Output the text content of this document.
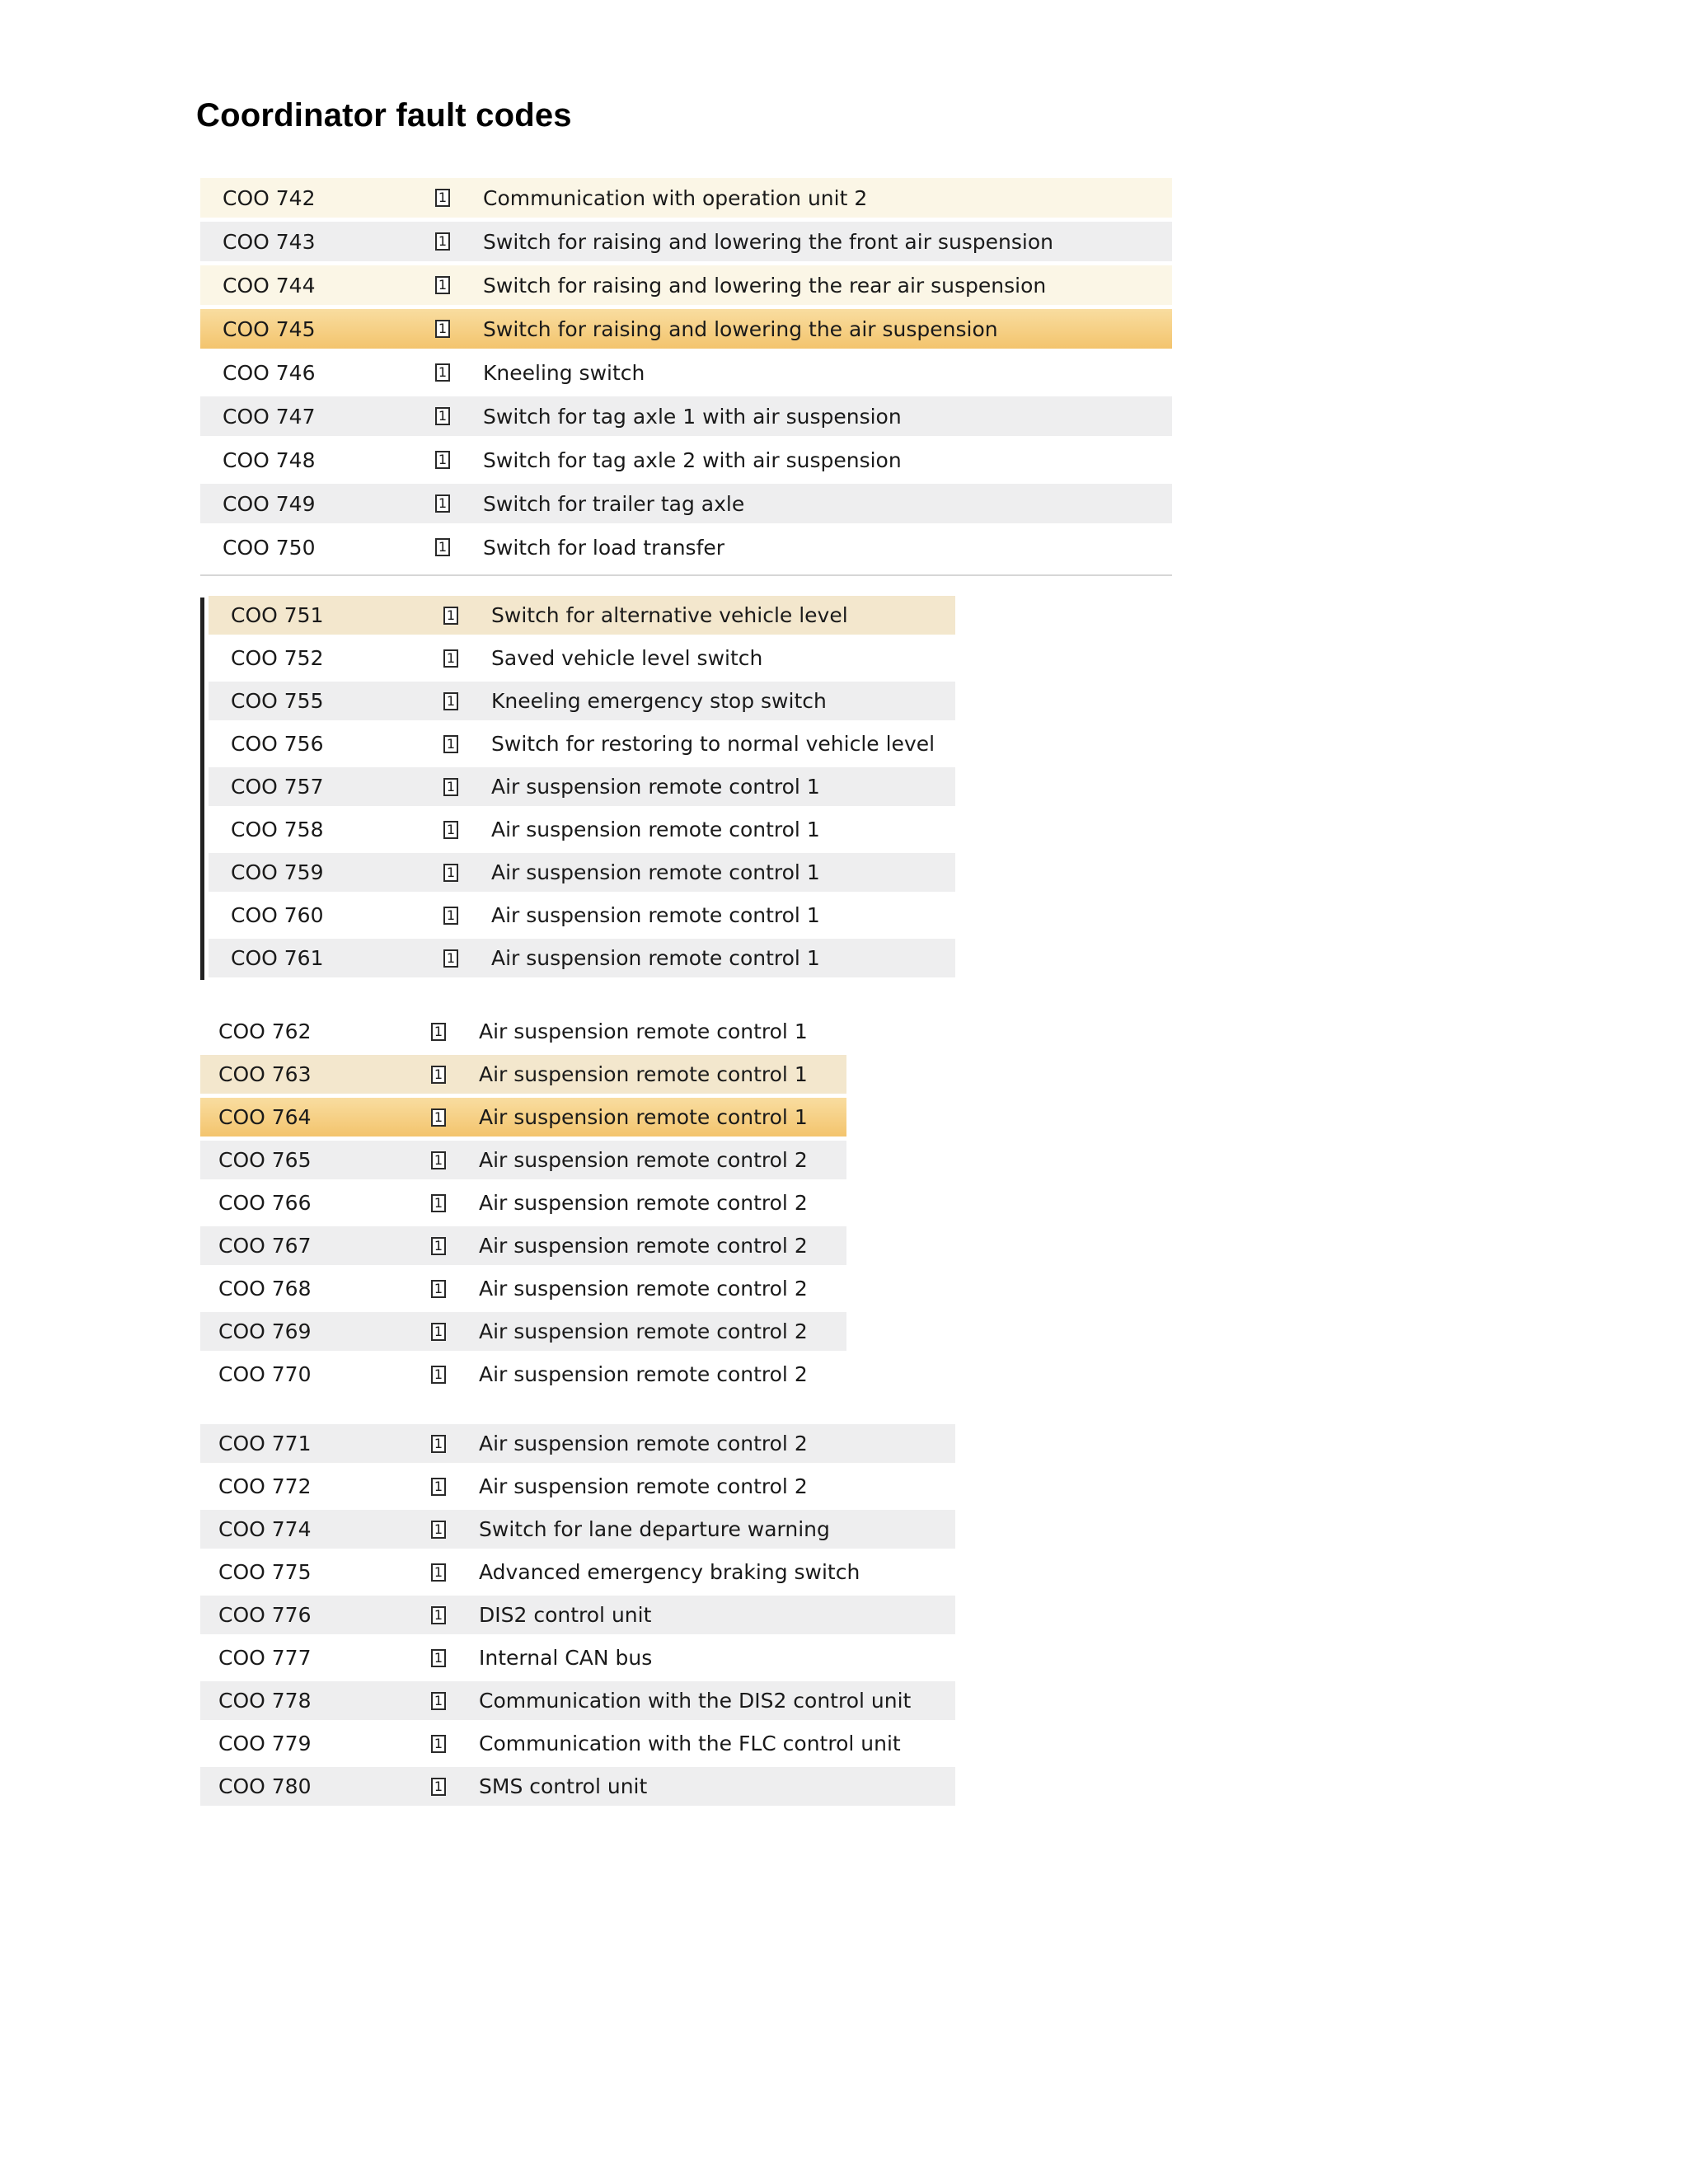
Coordinator fault codes
COO 742	1 Communication with operation unit 2
COO 743	1 Switch for raising and lowering the front air suspension
COO 744	1 Switch for raising and lowering the rear air suspension
COO 745	1 Switch for raising and lowering the air suspension
COO 746	1 Kneeling switch
COO 747	1 Switch for tag axle 1 with air suspension
COO 748	1 Switch for tag axle 2 with air suspension
COO 749	1 Switch for trailer tag axle
COO 750	1 Switch for load transfer
COO 751	1 Switch for alternative vehicle level
COO 752	1 Saved vehicle level switch
COO 755	1 Kneeling emergency stop switch
COO 756	1 Switch for restoring to normal vehicle level
COO 757	1 Air suspension remote control 1
COO 758	1 Air suspension remote control 1
COO 759	1 Air suspension remote control 1
COO 760	1 Air suspension remote control 1
COO 761	1 Air suspension remote control 1
COO 762	1 Air suspension remote control 1
COO 763	1 Air suspension remote control 1
COO 764	1 Air suspension remote control 1
COO 765	1 Air suspension remote control 2
COO 766	1 Air suspension remote control 2
COO 767	1 Air suspension remote control 2
COO 768	1 Air suspension remote control 2
COO 769	1 Air suspension remote control 2
COO 770	1 Air suspension remote control 2
COO 771	1 Air suspension remote control 2
COO 772	1 Air suspension remote control 2
COO 774	1 Switch for lane departure warning
COO 775	1 Advanced emergency braking switch
COO 776	1 DIS2 control unit
COO 777	1 Internal CAN bus
COO 778	1 Communication with the DIS2 control unit
COO 779	1 Communication with the FLC control unit
COO 780	1 SMS control unit
